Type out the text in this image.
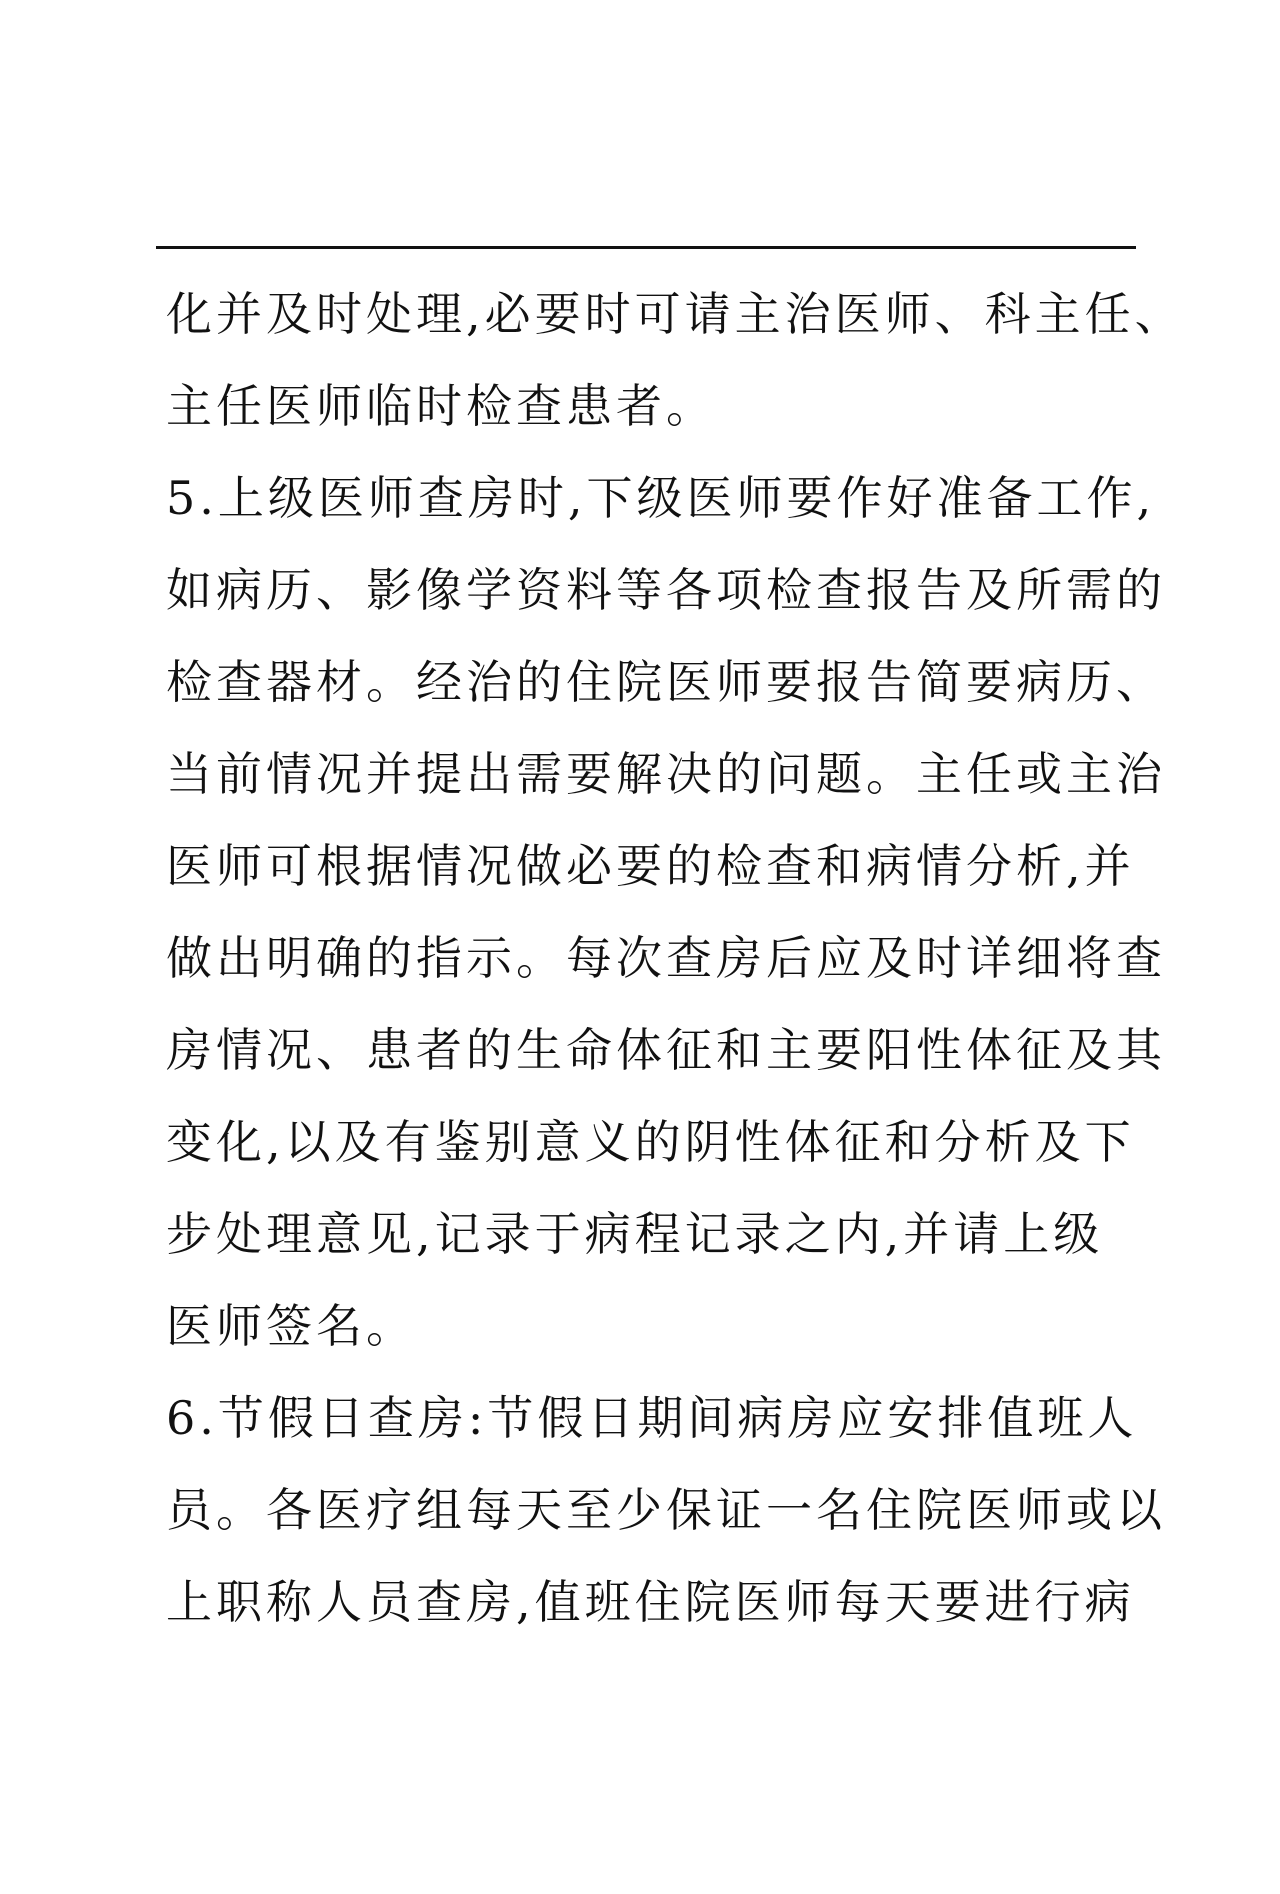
化并及时处理,必要时可请主治医师、科主任、
主任医师临时检查患者。
5.上级医师查房时,下级医师要作好准备工作,
如病历、影像学资料等各项检查报告及所需的
检查器材。经治的住院医师要报告简要病历、
当前情况并提出需要解决的问题。主任或主治
医师可根据情况做必要的检查和病情分析,并
做出明确的指示。每次查房后应及时详细将查
房情况、患者的生命体征和主要阳性体征及其
变化,以及有鉴别意义的阴性体征和分析及下
步处理意见,记录于病程记录之内,并请上级
医师签名。
6.节假日查房:节假日期间病房应安排值班人
员。各医疗组每天至少保证一名住院医师或以
上职称人员查房,值班住院医师每天要进行病
